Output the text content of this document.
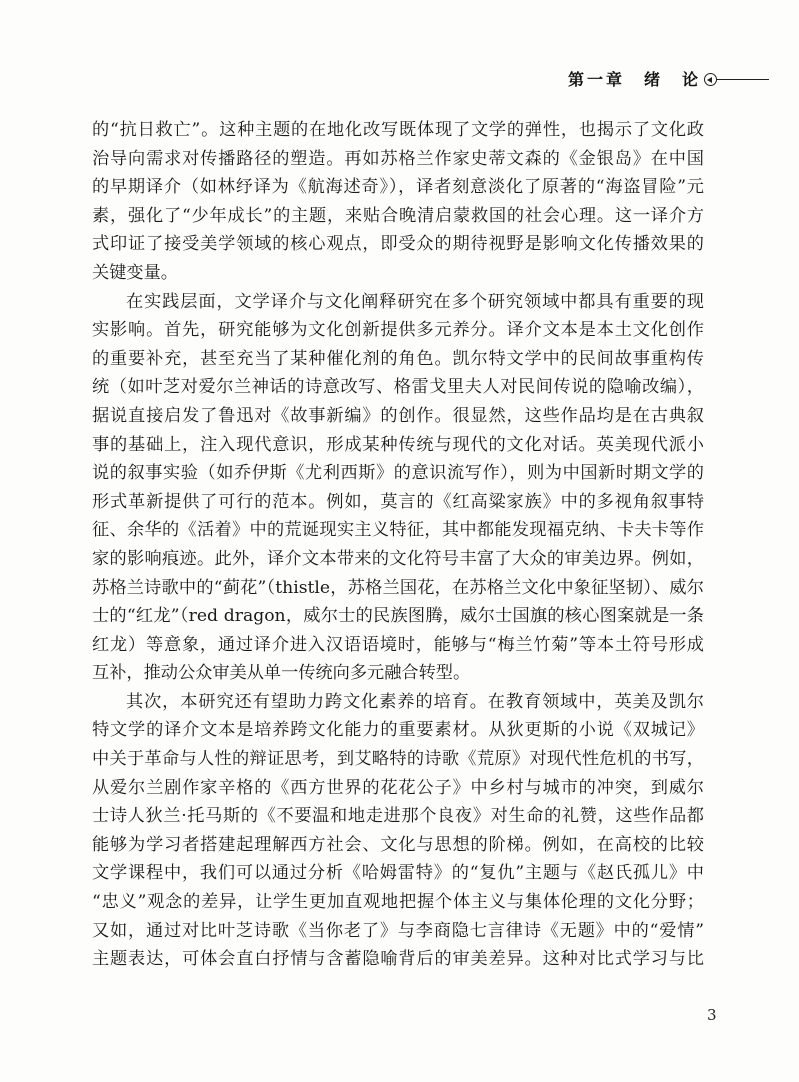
第一章　绪　论
的“抗日救亡”。这种主题的在地化改写既体现了文学的弹性，也揭示了文化政
治导向需求对传播路径的塑造。再如苏格兰作家史蒂文森的《金银岛》在中国
的早期译介（如林纾译为《航海述奇》），译者刻意淡化了原著的“海盗冒险”元
素，强化了“少年成长”的主题，来贴合晚清启蒙救国的社会心理。这一译介方
式印证了接受美学领域的核心观点，即受众的期待视野是影响文化传播效果的
关键变量。
在实践层面，文学译介与文化阐释研究在多个研究领域中都具有重要的现
实影响。首先，研究能够为文化创新提供多元养分。译介文本是本土文化创作
的重要补充，甚至充当了某种催化剂的角色。凯尔特文学中的民间故事重构传
统（如叶芝对爱尔兰神话的诗意改写、格雷戈里夫人对民间传说的隐喻改编），
据说直接启发了鲁迅对《故事新编》的创作。很显然，这些作品均是在古典叙
事的基础上，注入现代意识，形成某种传统与现代的文化对话。英美现代派小
说的叙事实验（如乔伊斯《尤利西斯》的意识流写作），则为中国新时期文学的
形式革新提供了可行的范本。例如，莫言的《红高粱家族》中的多视角叙事特
征、余华的《活着》中的荒诞现实主义特征，其中都能发现福克纳、卡夫卡等作
家的影响痕迹。此外，译介文本带来的文化符号丰富了大众的审美边界。例如，
苏格兰诗歌中的“蓟花”（thistle，苏格兰国花，在苏格兰文化中象征坚韧）、威尔
士的“红龙”（red dragon，威尔士的民族图腾，威尔士国旗的核心图案就是一条
红龙）等意象，通过译介进入汉语语境时，能够与“梅兰竹菊”等本土符号形成
互补，推动公众审美从单一传统向多元融合转型。
其次，本研究还有望助力跨文化素养的培育。在教育领域中，英美及凯尔
特文学的译介文本是培养跨文化能力的重要素材。从狄更斯的小说《双城记》
中关于革命与人性的辩证思考，到艾略特的诗歌《荒原》对现代性危机的书写，
从爱尔兰剧作家辛格的《西方世界的花花公子》中乡村与城市的冲突，到威尔
士诗人狄兰·托马斯的《不要温和地走进那个良夜》对生命的礼赞，这些作品都
能够为学习者搭建起理解西方社会、文化与思想的阶梯。例如，在高校的比较
文学课程中，我们可以通过分析《哈姆雷特》的“复仇”主题与《赵氏孤儿》中
“忠义”观念的差异，让学生更加直观地把握个体主义与集体伦理的文化分野；
又如，通过对比叶芝诗歌《当你老了》与李商隐七言律诗《无题》中的“爱情”
主题表达，可体会直白抒情与含蓄隐喻背后的审美差异。这种对比式学习与比
3
